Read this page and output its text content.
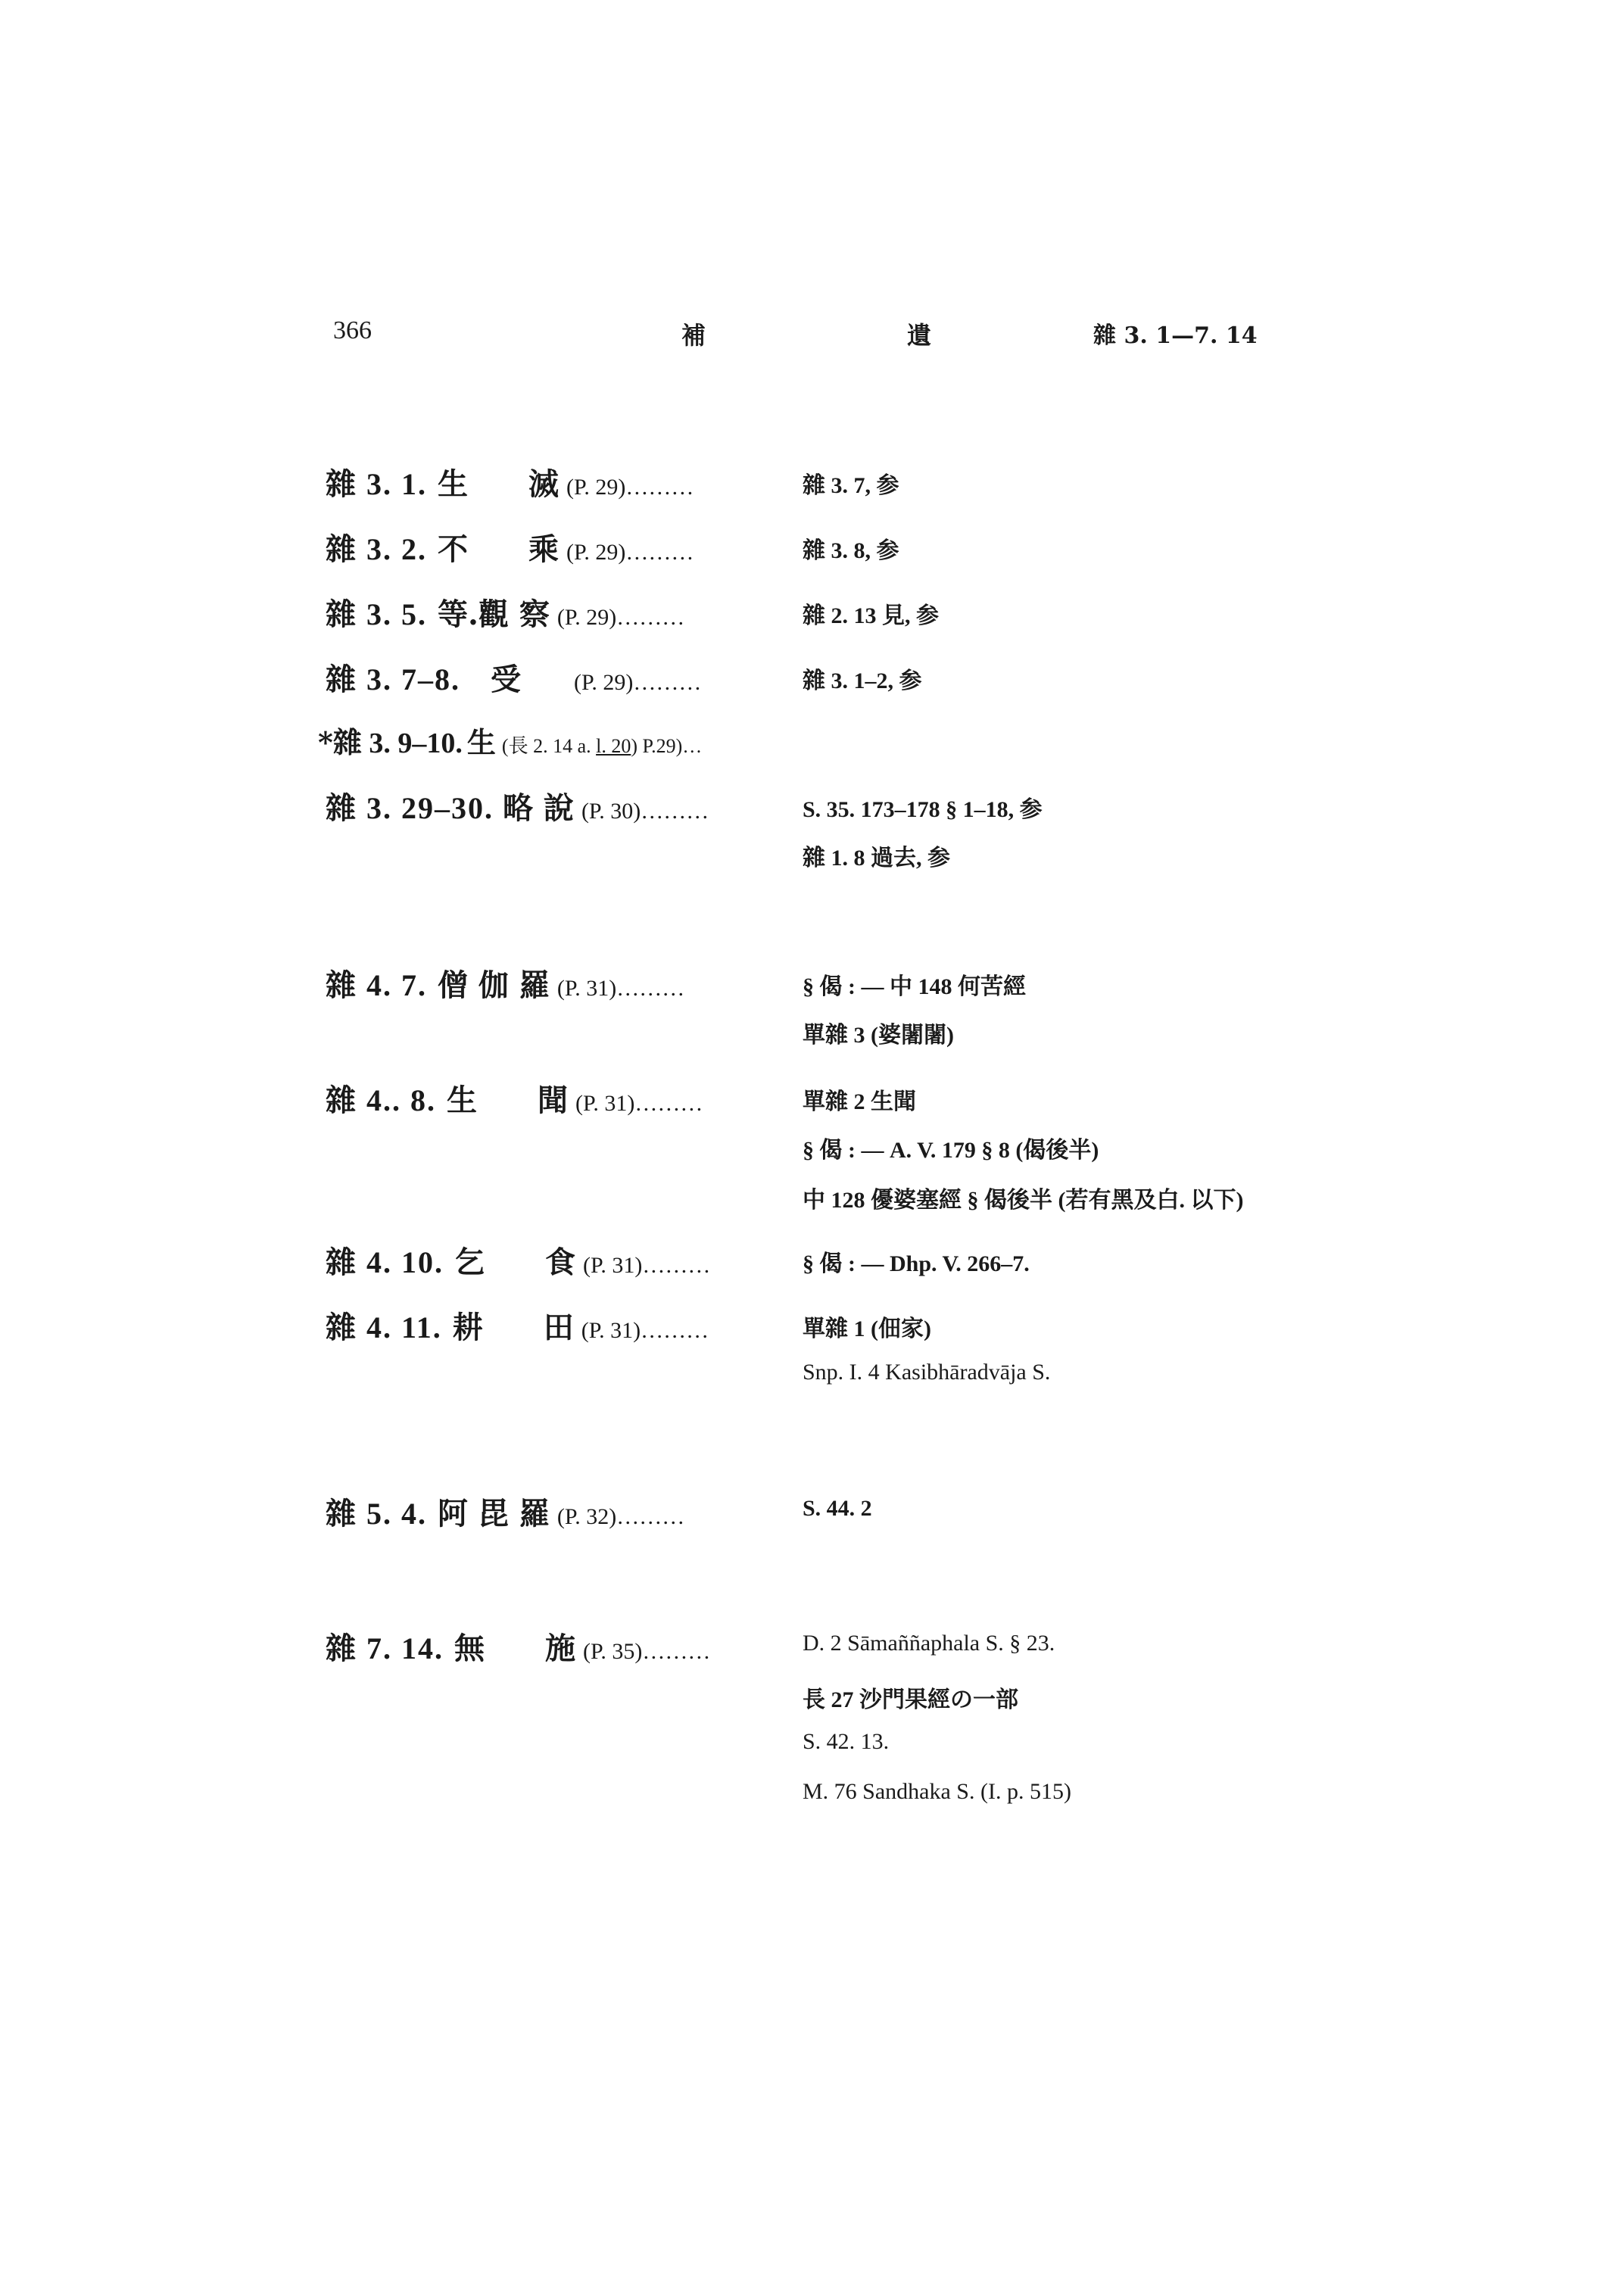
366	補	遺	雜 3. 1—7. 14
雜 3. 1. 生　　滅 (P. 29) ………	雜 3. 7, 参
雜 3. 2. 不　　乘 (P. 29) ………	雜 3. 8, 参
雜 3. 5. 等.觀 察 (P. 29) ………	雜 2. 13 見, 参
雜 3. 7–8. 受 (P. 29) ………	雜 3. 1–2, 参
*雜 3. 9–10. 生 (長 2. 14 a. l. 20) P.29)…
雜 3. 29–30. 略 說 (P. 30) ………	S. 35. 173–178 § 1–18, 参
雜 1. 8 過去, 参
雜 4. 7. 僧 伽 羅 (P. 31) ………	§ 偈 : — 中 148 何苦經
單雜 3 (婆闍闍)
雜 4.. 8. 生　　聞 (P. 31) ………	單雜 2 生聞
§ 偈 : — A. V. 179 § 8 (偈後半)
中 128 優婆塞經 § 偈後半 (若有黑及白. 以下)
雜 4. 10. 乞　　食 (P. 31) ………	§ 偈 : — Dhp. V. 266–7.
雜 4. 11. 耕　　田 (P. 31) ………	單雜 1 (佃家)
Snp. I. 4 Kasibhāradvāja S.
雜 5. 4. 阿 毘 羅 (P. 32) ………	S. 44. 2
雜 7. 14. 無　　施 (P. 35) ………	D. 2 Sāmaññaphala S. § 23.
長 27 沙門果經の一部
S. 42. 13.
M. 76 Sandhaka S. (I. p. 515)
